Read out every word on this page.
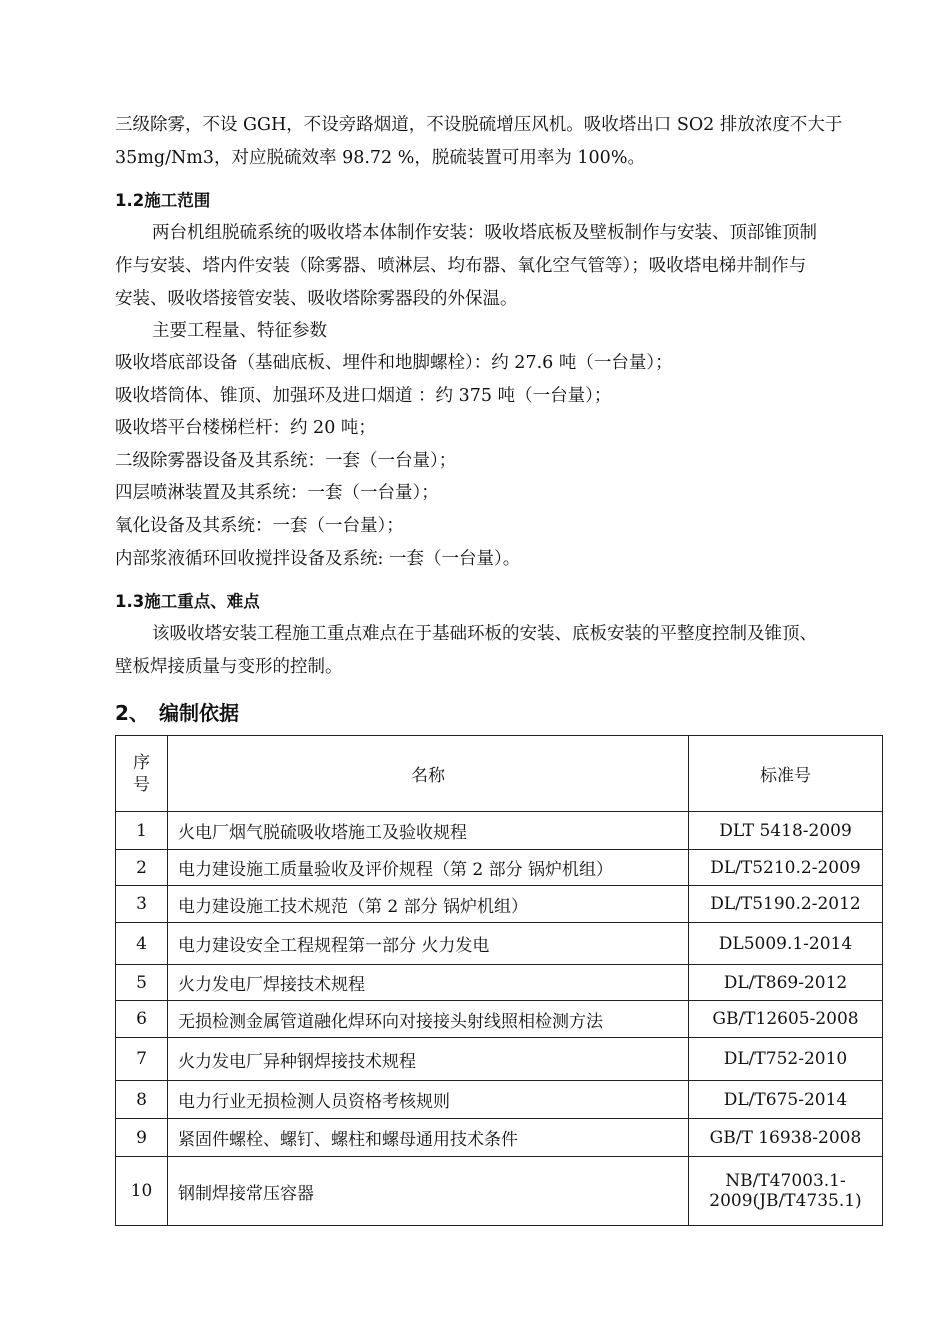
三级除雾，不设 GGH，不设旁路烟道，不设脱硫增压风机。吸收塔出口 SO2 排放浓度不大于
35mg/Nm3，对应脱硫效率 98.72 %，脱硫装置可用率为 100%。
1.2施工范围
两台机组脱硫系统的吸收塔本体制作安装：吸收塔底板及壁板制作与安装、顶部锥顶制
作与安装、塔内件安装（除雾器、喷淋层、均布器、氧化空气管等）；吸收塔电梯井制作与
安装、吸收塔接管安装、吸收塔除雾器段的外保温。
主要工程量、特征参数
吸收塔底部设备（基础底板、埋件和地脚螺栓）：约 27.6 吨（一台量）；
吸收塔筒体、锥顶、加强环及进口烟道 ：约 375 吨（一台量）；
吸收塔平台楼梯栏杆：约 20 吨；
二级除雾器设备及其系统：一套（一台量）；
四层喷淋装置及其系统：一套（一台量）；
氧化设备及其系统：一套（一台量）；
内部浆液循环回收搅拌设备及系统: 一套（一台量）。
1.3施工重点、难点
该吸收塔安装工程施工重点难点在于基础环板的安装、底板安装的平整度控制及锥顶、
壁板焊接质量与变形的控制。
2、 编制依据
序
号	名称	标准号
1	火电厂烟气脱硫吸收塔施工及验收规程	DLT 5418-2009
2	电力建设施工质量验收及评价规程（第 2 部分 锅炉机组）	DL/T5210.2-2009
3	电力建设施工技术规范（第 2 部分 锅炉机组）	DL/T5190.2-2012
4	电力建设安全工程规程第一部分 火力发电	DL5009.1-2014
5	火力发电厂焊接技术规程	DL/T869-2012
6	无损检测金属管道融化焊环向对接接头射线照相检测方法	GB/T12605-2008
7	火力发电厂异种钢焊接技术规程	DL/T752-2010
8	电力行业无损检测人员资格考核规则	DL/T675-2014
9	紧固件螺栓、螺钉、螺柱和螺母通用技术条件	GB/T 16938-2008
10	钢制焊接常压容器	NB/T47003.1-
2009(JB/T4735.1)
